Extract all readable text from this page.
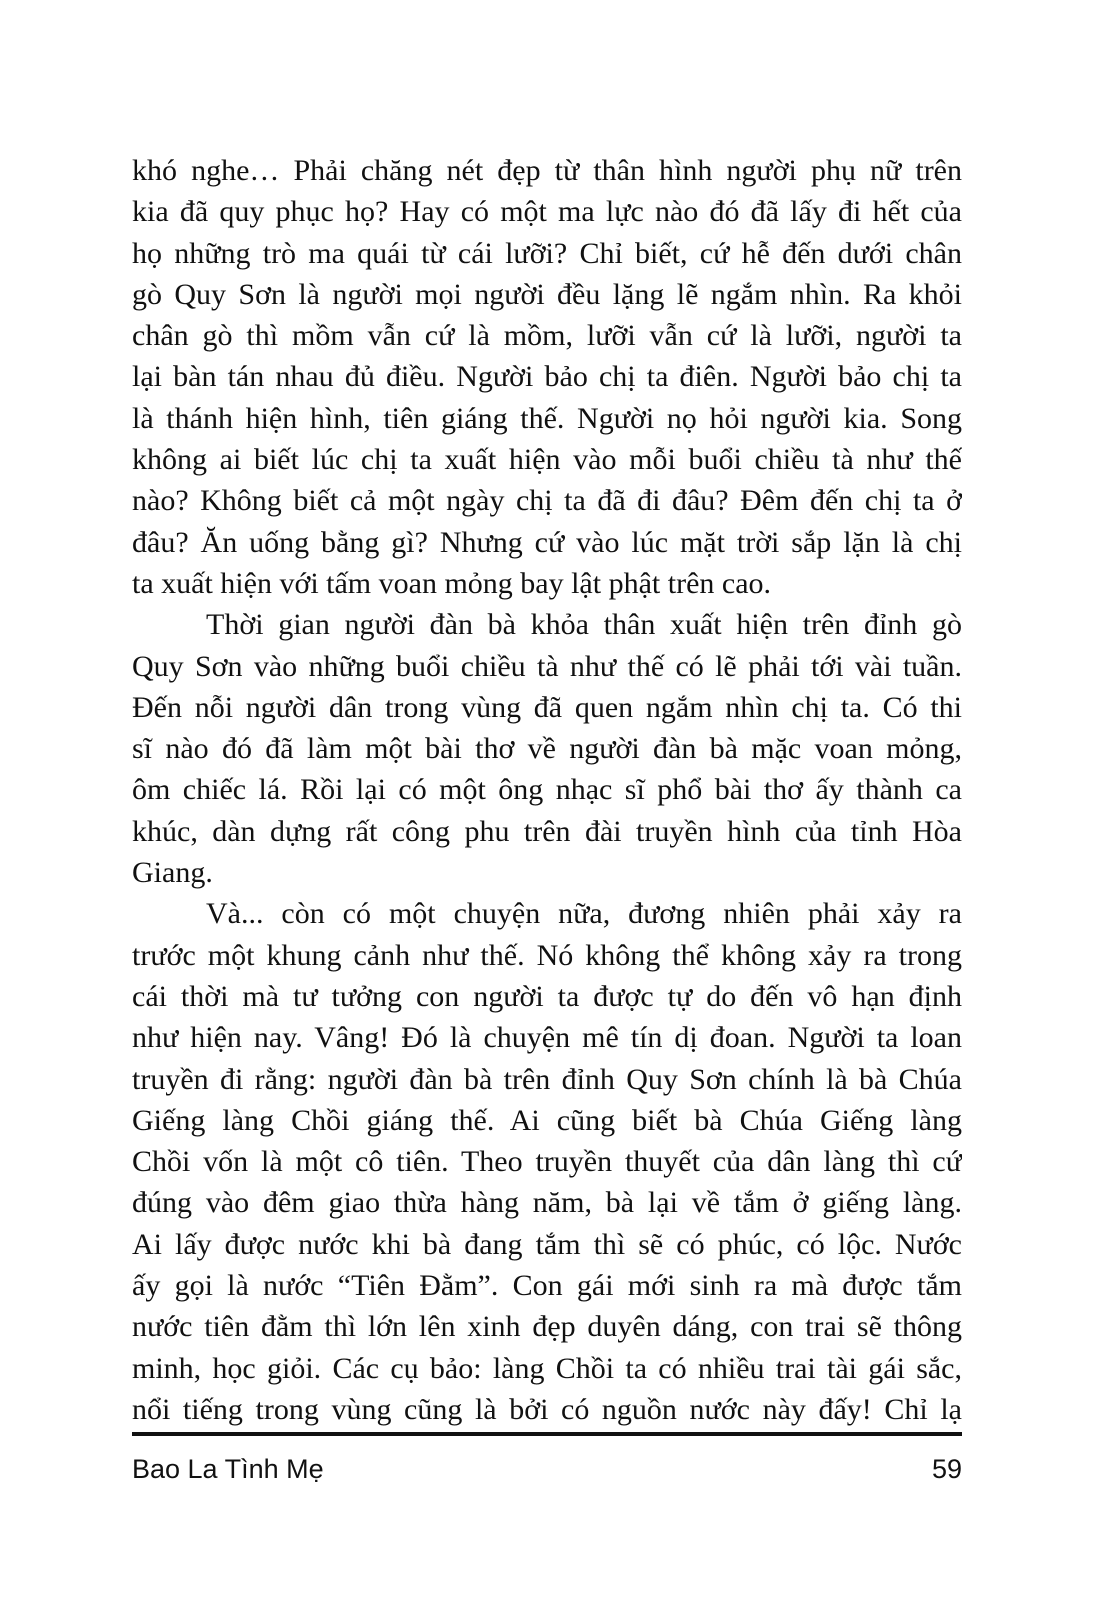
khó nghe… Phải chăng nét đẹp từ thân hình người phụ nữ trên
kia đã quy phục họ? Hay có một ma lực nào đó đã lấy đi hết của
họ những trò ma quái từ cái lưỡi? Chỉ biết, cứ hễ đến dưới chân
gò Quy Sơn là người mọi người đều lặng lẽ ngắm nhìn. Ra khỏi
chân gò thì mồm vẫn cứ là mồm, lưỡi vẫn cứ là lưỡi, người ta
lại bàn tán nhau đủ điều. Người bảo chị ta điên. Người bảo chị ta
là thánh hiện hình, tiên giáng thế. Người nọ hỏi người kia. Song
không ai biết lúc chị ta xuất hiện vào mỗi buổi chiều tà như thế
nào? Không biết cả một ngày chị ta đã đi đâu? Đêm đến chị ta ở
đâu? Ăn uống bằng gì? Nhưng cứ vào lúc mặt trời sắp lặn là chị
ta xuất hiện với tấm voan mỏng bay lật phật trên cao.
Thời gian người đàn bà khỏa thân xuất hiện trên đỉnh gò
Quy Sơn vào những buổi chiều tà như thế có lẽ phải tới vài tuần.
Đến nỗi người dân trong vùng đã quen ngắm nhìn chị ta. Có thi
sĩ nào đó đã làm một bài thơ về người đàn bà mặc voan mỏng,
ôm chiếc lá. Rồi lại có một ông nhạc sĩ phổ bài thơ ấy thành ca
khúc, dàn dựng rất công phu trên đài truyền hình của tỉnh Hòa
Giang.
Và... còn có một chuyện nữa, đương nhiên phải xảy ra
trước một khung cảnh như thế. Nó không thể không xảy ra trong
cái thời mà tư tưởng con người ta được tự do đến vô hạn định
như hiện nay. Vâng! Đó là chuyện mê tín dị đoan. Người ta loan
truyền đi rằng: người đàn bà trên đỉnh Quy Sơn chính là bà Chúa
Giếng làng Chồi giáng thế. Ai cũng biết bà Chúa Giếng làng
Chồi vốn là một cô tiên. Theo truyền thuyết của dân làng thì cứ
đúng vào đêm giao thừa hàng năm, bà lại về tắm ở giếng làng.
Ai lấy được nước khi bà đang tắm thì sẽ có phúc, có lộc. Nước
ấy gọi là nước “Tiên Đằm”. Con gái mới sinh ra mà được tắm
nước tiên đằm thì lớn lên xinh đẹp duyên dáng, con trai sẽ thông
minh, học giỏi. Các cụ bảo: làng Chồi ta có nhiều trai tài gái sắc,
nổi tiếng trong vùng cũng là bởi có nguồn nước này đấy! Chỉ lạ
Bao La Tình Mẹ	59
